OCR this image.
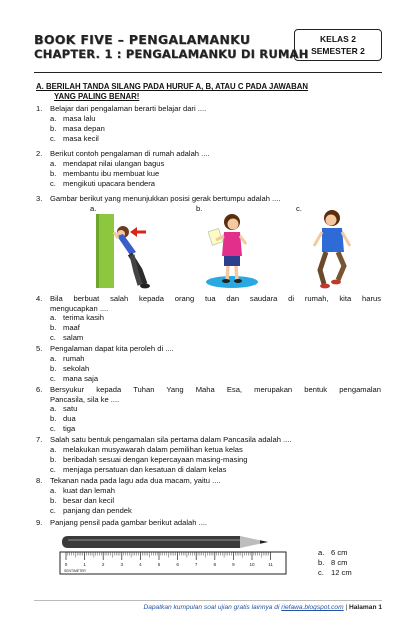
BOOK FIVE – PENGALAMANKU
CHAPTER. 1 : PENGALAMANKU DI RUMAH
KELAS 2
SEMESTER 2
A. BERILAH TANDA SILANG PADA HURUF A, B, ATAU C PADA JAWABAN
YANG PALING BENAR!
1. Belajar dari pengalaman berarti belajar dari ....
a. masa lalu
b. masa depan
c. masa kecil
2. Berikut contoh pengalaman di rumah adalah ....
a. mendapat nilai ulangan bagus
b. membantu ibu membuat kue
c. mengikuti upacara bendera
3. Gambar berikut yang menunjukkan posisi gerak bertumpu adalah ....
a.	b.	c.
4. Bila berbuat salah kepada orang tua dan saudara di rumah, kita harus
mengucapkan ....
a. terima kasih
b. maaf
c. salam
5. Pengalaman dapat kita peroleh di ....
a. rumah
b. sekolah
c. mana saja
6. Bersyukur kepada Tuhan Yang Maha Esa, merupakan bentuk pengamalan
Pancasila, sila ke ....
a. satu
b. dua
c. tiga
7. Salah satu bentuk pengamalan sila pertama dalam Pancasila adalah ....
a. melakukan musyawarah dalam pemilihan ketua kelas
b. beribadah sesuai dengan kepercayaan masing-masing
c. menjaga persatuan dan kesatuan di dalam kelas
8. Tekanan nada pada lagu ada dua macam, yaitu ....
a. kuat dan lemah
b. besar dan kecil
c. panjang dan pendek
9. Panjang pensil pada gambar berikut adalah ....
0	1	2	3	4	5	6	7	8	9	10	11
SENTIMETER
a. 6 cm
b. 8 cm
c. 12 cm
Dapatkan kumpulan soal ujian gratis lainnya di riefawa.blogspot.com | Halaman 1
